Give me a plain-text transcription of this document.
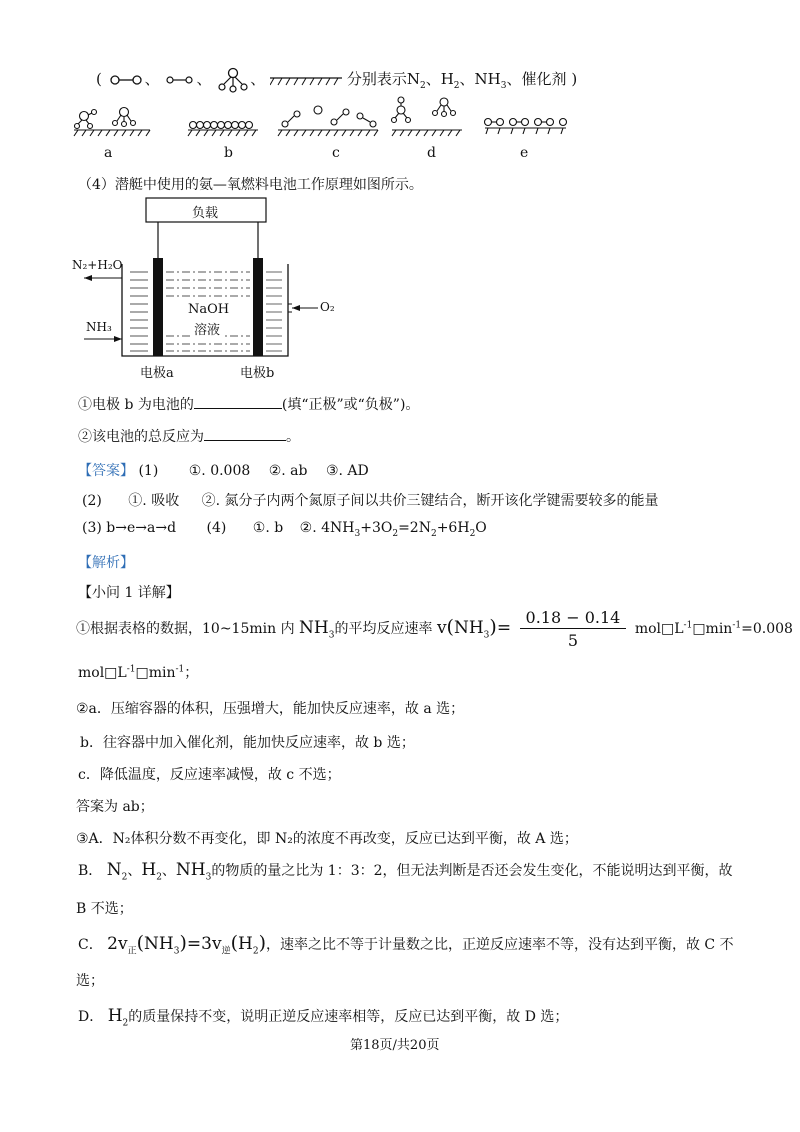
(	、 、	、	分别表示$N_2$、$H_2$、$NH_3$、催化剂 )
a	b	c	d	e
（4）潜艇中使用的氨—氧燃料电池工作原理如图所示。
负载
N₂+H₂O
NH₃
O₂
NaOH
溶液
电极a	电极b
①电极 b 为电池的	(填“正极”或“负极”)。
②该电池的总反应为	。
【答案】 (1) ①. 0.008 ②. ab ③. AD
(2) ①. 吸收 ②. 氮分子内两个氮原子间以共价三键结合，断开该化学键需要较多的能量
(3) b→e→a→d (4) ①. b ②. $4NH_3+3O_2=2N_2+6H_2O$
【解析】
【小问 1 详解】
①根据表格的数据，10~15min 内 $NH_3$的平均反应速率 $v(NH_3)= \frac{0.18 - 0.14}{5}$ $mol□L^{-1}□\min^{-1}=0.008$
$mol□L^{-1}□\min^{-1}$；
②a．压缩容器的体积，压强增大，能加快反应速率，故 a 选；
b．往容器中加入催化剂，能加快反应速率，故 b 选；
c．降低温度，反应速率减慢，故 c 不选；
答案为 ab；
③A．N₂体积分数不再变化，即 N₂的浓度不再改变，反应已达到平衡，故 A 选；
B． $N_2$、$H_2$、$NH_3$的物质的量之比为 1：3：2，但无法判断是否还会发生变化，不能说明达到平衡，故
B 不选；
C． $2v_正(NH_3)=3v_逆(H_2)$，速率之比不等于计量数之比，正逆反应速率不等，没有达到平衡，故 C 不
选；
D． $H_2$的质量保持不变，说明正逆反应速率相等，反应已达到平衡，故 D 选；
第18页/共20页
